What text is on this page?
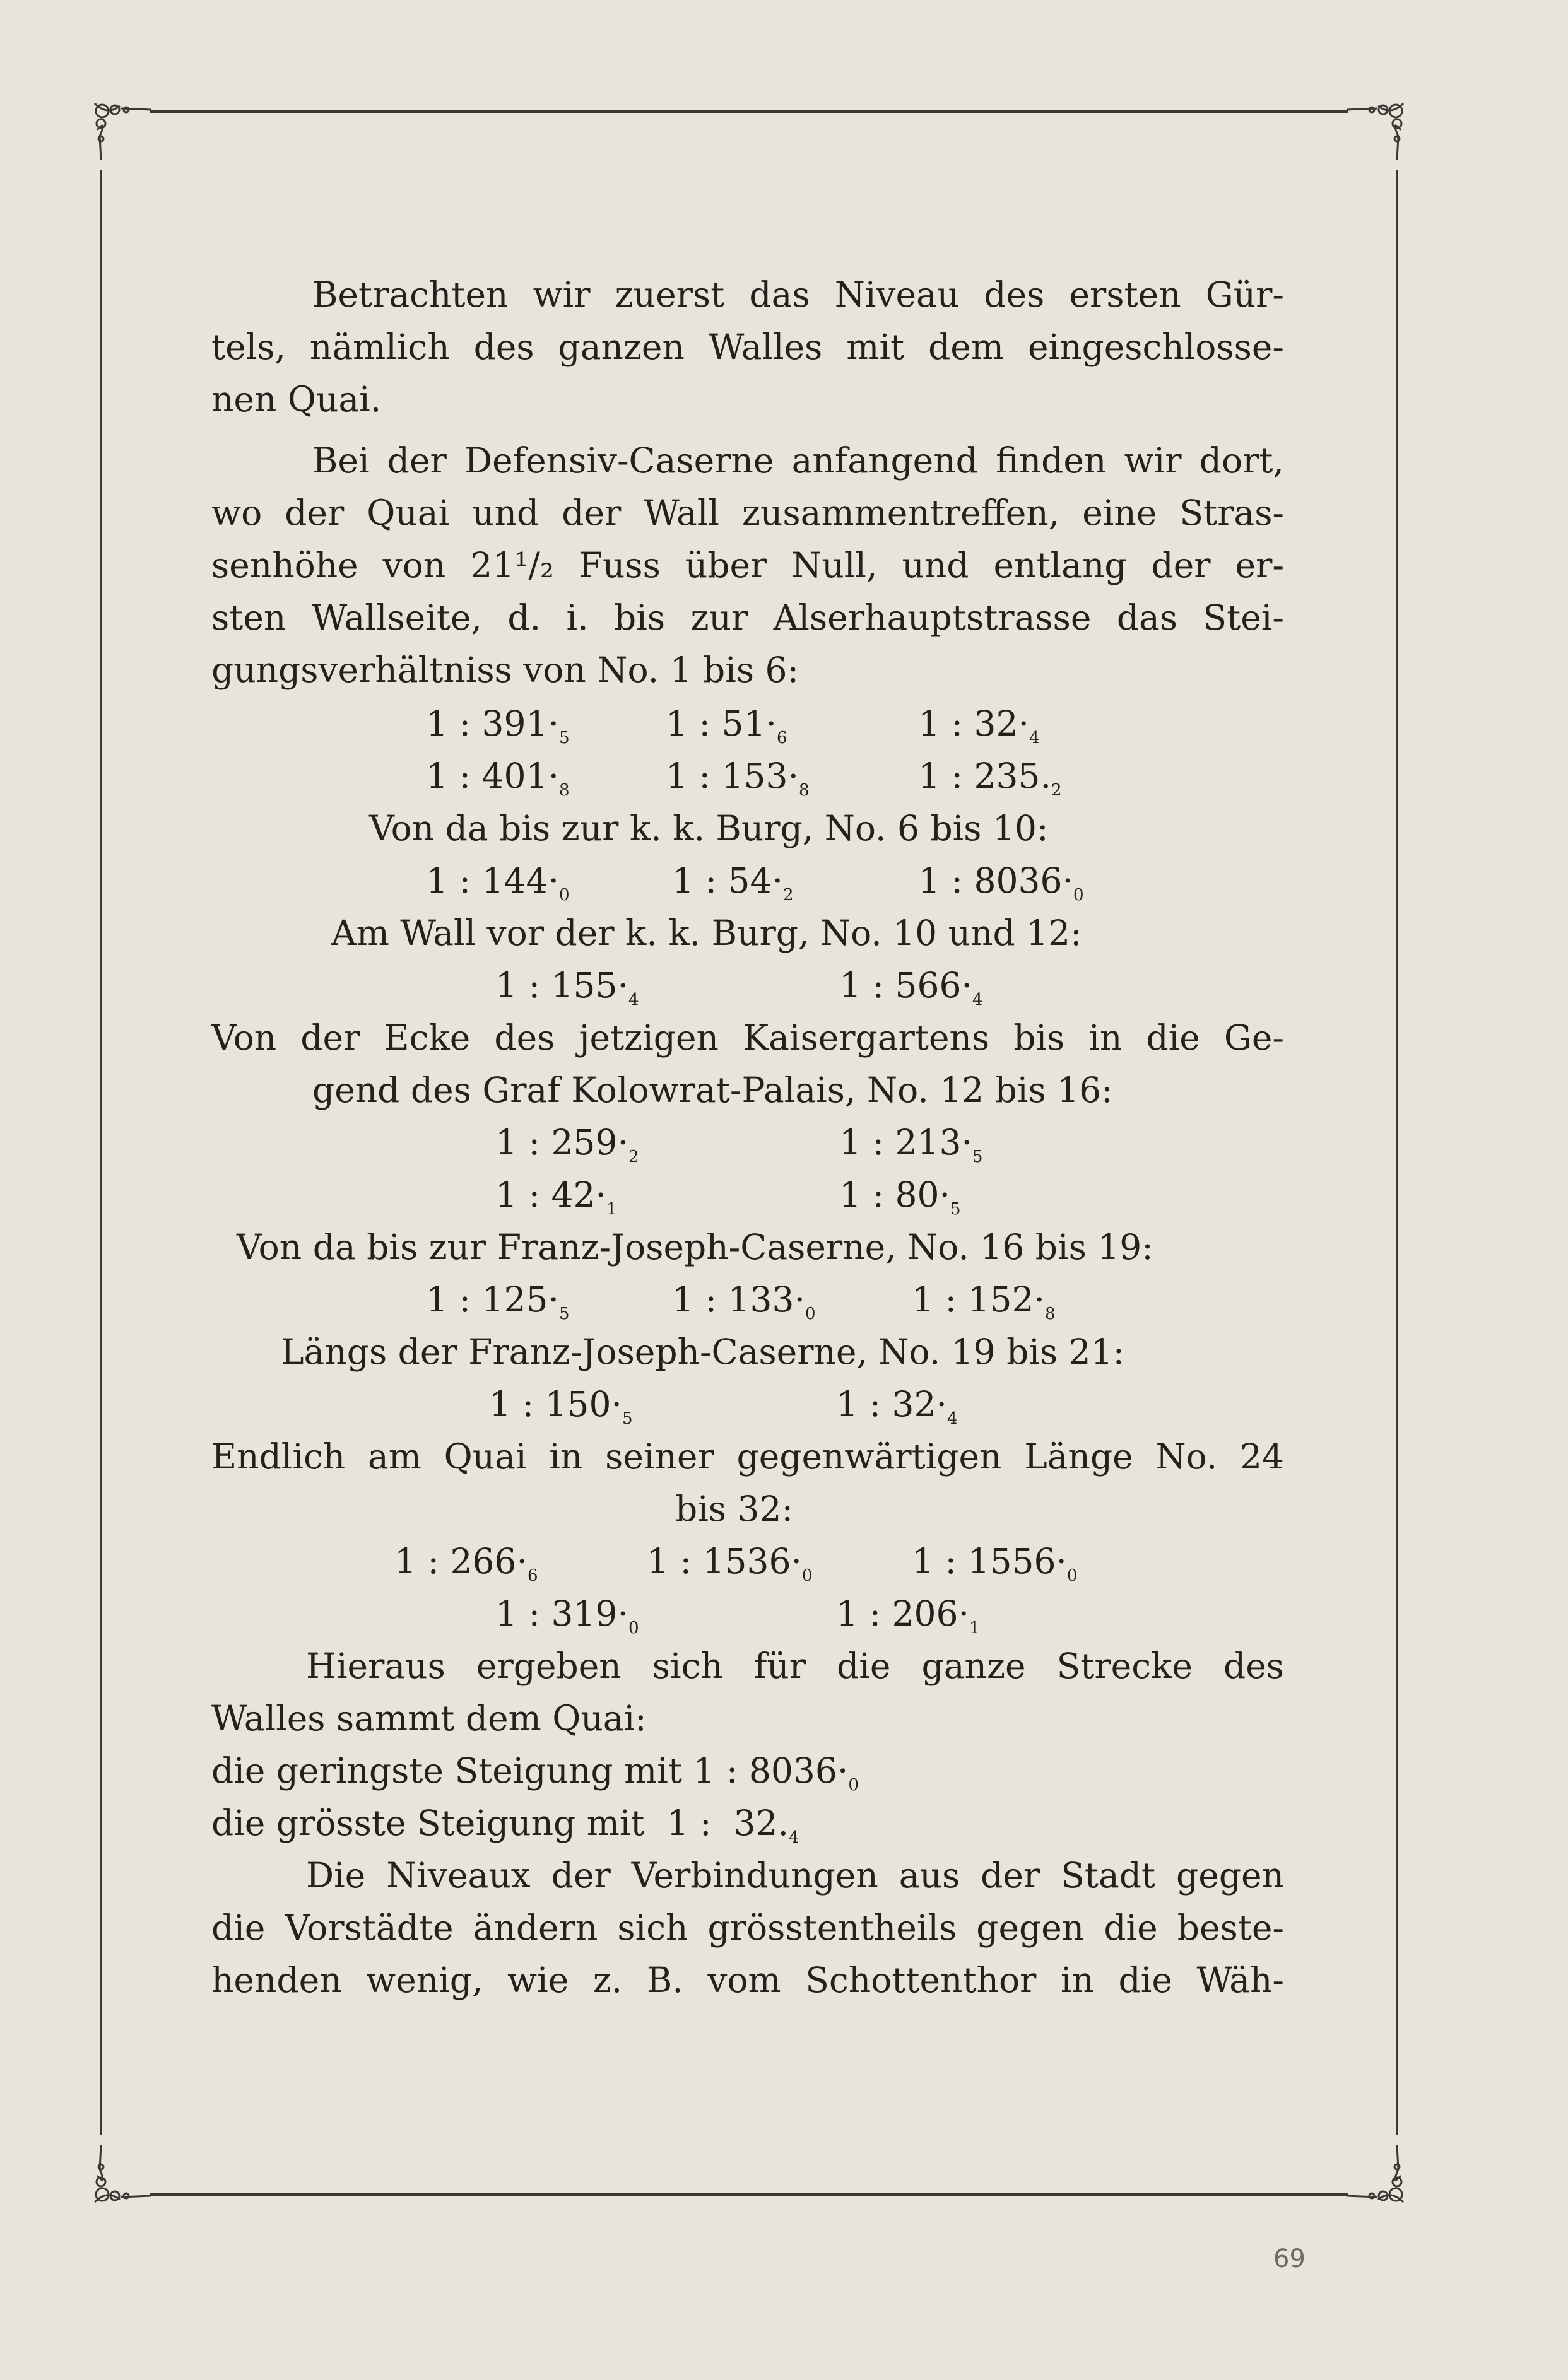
Betrachten wir zuerst das Niveau des ersten Gür-
tels, nämlich des ganzen Walles mit dem eingeschlosse-
nen Quai.
Bei der Defensiv-Caserne anfangend finden wir dort,
wo der Quai und der Wall zusammentreffen, eine Stras-
senhöhe von 21¹/₂ Fuss über Null, und entlang der er-
sten Wallseite, d. i. bis zur Alserhauptstrasse das Stei-
gungsverhältniss von No. 1 bis 6:
1 : $391\cdot_5$	1 : $51\cdot_6$	1 : $32\cdot_4$
1 : $401\cdot_8$	1 : $153\cdot_8$	1 : $235._2$
Von da bis zur k. k. Burg, No. 6 bis 10:
1 : $144\cdot_0$	1 : $54\cdot_2$	1 : $8036\cdot_0$
Am Wall vor der k. k. Burg, No. 10 und 12:
1 : $155\cdot_4$	1 : $566\cdot_4$
Von der Ecke des jetzigen Kaisergartens bis in die Ge-
gend des Graf Kolowrat-Palais, No. 12 bis 16:
1 : $259\cdot_2$	1 : $213\cdot_5$
1 : $42\cdot_1$	1 : $80\cdot_5$
Von da bis zur Franz-Joseph-Caserne, No. 16 bis 19:
1 : $125\cdot_5$	1 : $133\cdot_0$	1 : $152\cdot_8$
Längs der Franz-Joseph-Caserne, No. 19 bis 21:
1 : $150\cdot_5$	1 : $32\cdot_4$
Endlich am Quai in seiner gegenwärtigen Länge No. 24
bis 32:
1 : $266\cdot_6$	1 : $1536\cdot_0$	1 : $1556\cdot_0$
1 : $319\cdot_0$	1 : $206\cdot_1$
Hieraus ergeben sich für die ganze Strecke des
Walles sammt dem Quai:
die geringste Steigung mit 1 : $8036\cdot_0$
die grösste Steigung mit  1 :  $32._4$
Die Niveaux der Verbindungen aus der Stadt gegen
die Vorstädte ändern sich grösstentheils gegen die beste-
henden wenig, wie z. B. vom Schottenthor in die Wäh-
69
